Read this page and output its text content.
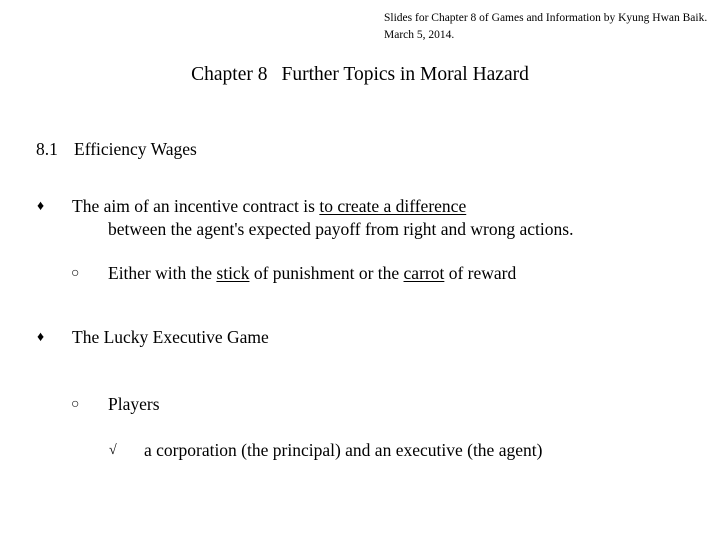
Slides for Chapter 8 of Games and Information by Kyung Hwan Baik. March 5, 2014.
Chapter 8 Further Topics in Moral Hazard
8.1 Efficiency Wages
♦ The aim of an incentive contract is to create a difference
between the agent's expected payoff from right and wrong actions.
○ Either with the stick of punishment or the carrot of reward
♦ The Lucky Executive Game
○ Players
√ a corporation (the principal) and an executive (the agent)
